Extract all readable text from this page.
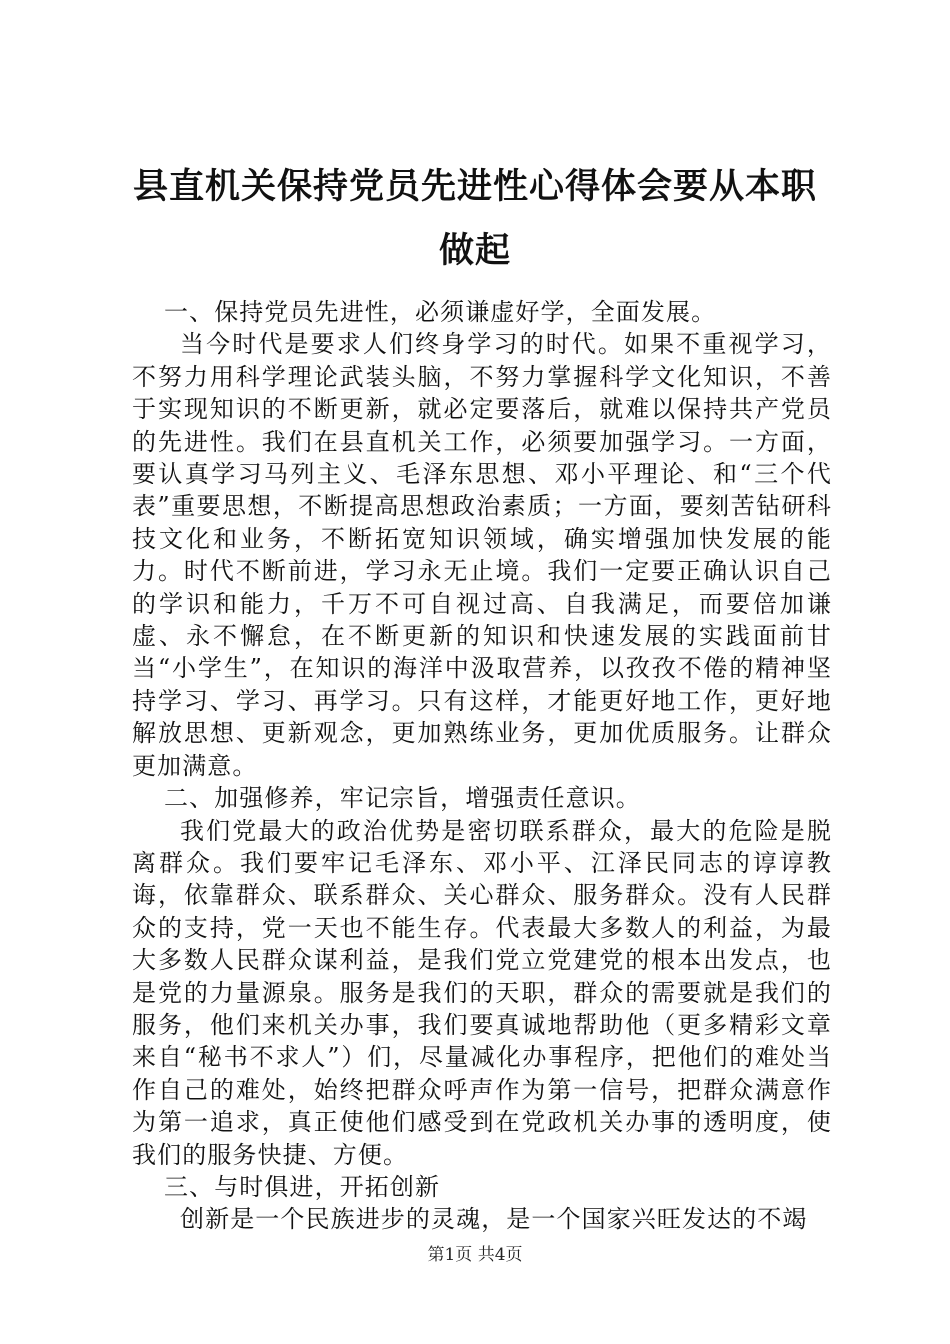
县直机关保持党员先进性心得体会要从本职做起

一、保持党员先进性，必须谦虚好学，全面发展。

当今时代是要求人们终身学习的时代。如果不重视学习，不努力用科学理论武装头脑，不努力掌握科学文化知识，不善于实现知识的不断更新，就必定要落后，就难以保持共产党员的先进性。我们在县直机关工作，必须要加强学习。一方面，要认真学习马列主义、毛泽东思想、邓小平理论、和“三个代表”重要思想，不断提高思想政治素质；一方面，要刻苦钻研科技文化和业务，不断拓宽知识领域，确实增强加快发展的能力。时代不断前进，学习永无止境。我们一定要正确认识自己的学识和能力，千万不可自视过高、自我满足，而要倍加谦虚、永不懈怠，在不断更新的知识和快速发展的实践面前甘当“小学生”，在知识的海洋中汲取营养，以孜孜不倦的精神坚持学习、学习、再学习。只有这样，才能更好地工作，更好地解放思想、更新观念，更加熟练业务，更加优质服务。让群众更加满意。

二、加强修养，牢记宗旨，增强责任意识。

我们党最大的政治优势是密切联系群众，最大的危险是脱离群众。我们要牢记毛泽东、邓小平、江泽民同志的谆谆教诲，依靠群众、联系群众、关心群众、服务群众。没有人民群众的支持，党一天也不能生存。代表最大多数人的利益，为最大多数人民群众谋利益，是我们党立党建党的根本出发点，也是党的力量源泉。服务是我们的天职，群众的需要就是我们的服务，他们来机关办事，我们要真诚地帮助他（更多精彩文章来自“秘书不求人”）们，尽量减化办事程序，把他们的难处当作自己的难处，始终把群众呼声作为第一信号，把群众满意作为第一追求，真正使他们感受到在党政机关办事的透明度，使我们的服务快捷、方便。

三、与时俱进，开拓创新

创新是一个民族进步的灵魂，是一个国家兴旺发达的不竭

第1页 共4页
